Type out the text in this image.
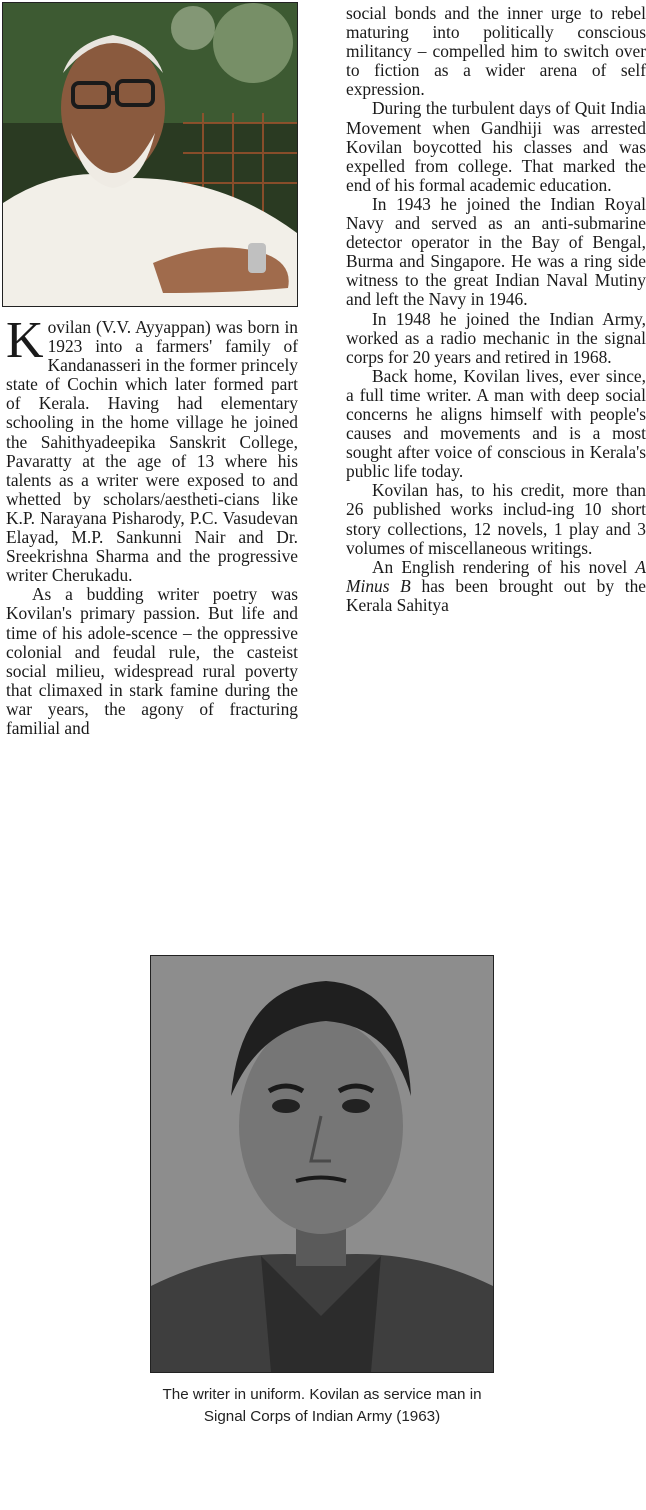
Kovilan (V.V. Ayyappan) was born in 1923 into a farmers' family of Kandanasseri in the former princely state of Cochin which later formed part of Kerala. Having had elementary schooling in the home village he joined the Sahithyadeepika Sanskrit College, Pavaratty at the age of 13 where his talents as a writer were exposed to and whetted by scholars/aestheti-cians like K.P. Narayana Pisharody, P.C. Vasudevan Elayad, M.P. Sankunni Nair and Dr. Sreekrishna Sharma and the progressive writer Cherukadu.

As a budding writer poetry was Kovilan's primary passion. But life and time of his adole-scence – the oppressive colonial and feudal rule, the casteist social milieu, widespread rural poverty that climaxed in stark famine during the war years, the agony of fracturing familial and

social bonds and the inner urge to rebel maturing into politically conscious militancy – compelled him to switch over to fiction as a wider arena of self expression.

During the turbulent days of Quit India Movement when Gandhiji was arrested Kovilan boycotted his classes and was expelled from college. That marked the end of his formal academic education.

In 1943 he joined the Indian Royal Navy and served as an anti-submarine detector operator in the Bay of Bengal, Burma and Singapore. He was a ring side witness to the great Indian Naval Mutiny and left the Navy in 1946.

In 1948 he joined the Indian Army, worked as a radio mechanic in the signal corps for 20 years and retired in 1968.

Back home, Kovilan lives, ever since, a full time writer. A man with deep social concerns he aligns himself with people's causes and movements and is a most sought after voice of conscious in Kerala's public life today.

Kovilan has, to his credit, more than 26 published works includ-ing 10 short story collections, 12 novels, 1 play and 3 volumes of miscellaneous writings.

An English rendering of his novel A Minus B has been brought out by the Kerala Sahitya

The writer in uniform. Kovilan as service man in
Signal Corps of Indian Army (1963)
